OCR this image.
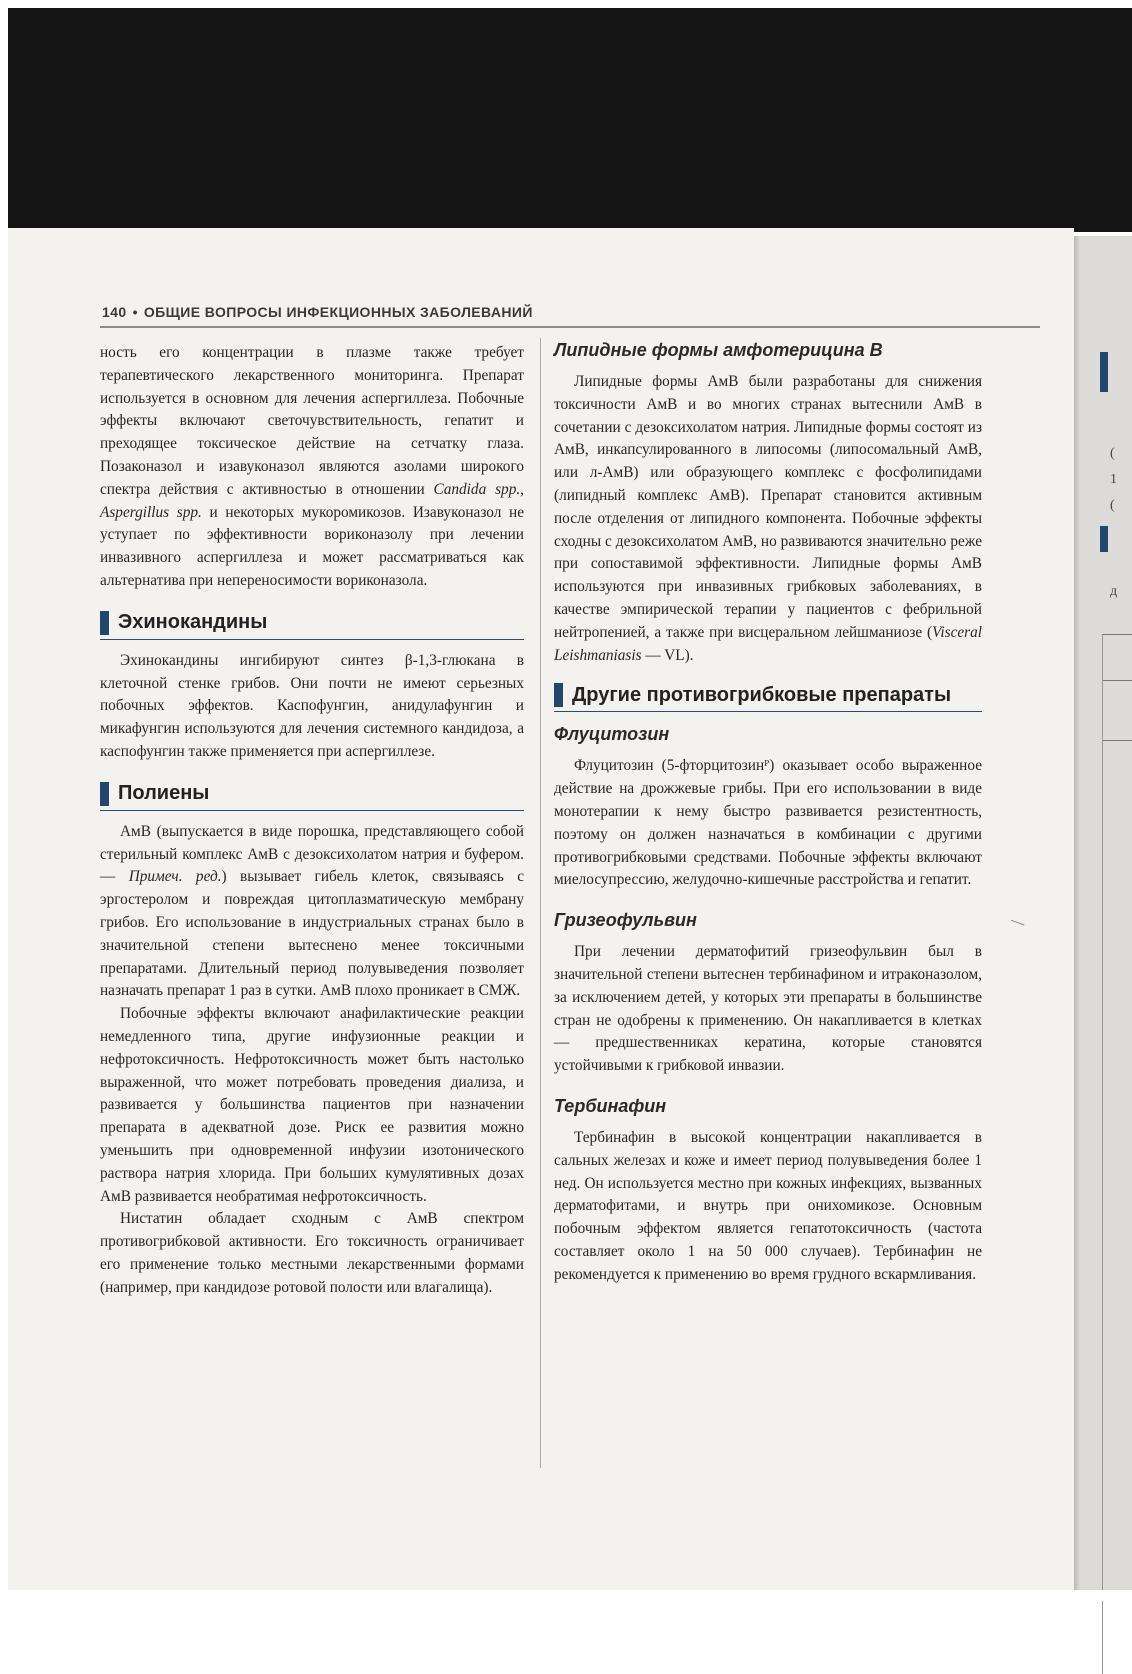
(
1
(
д
140 • ОБЩИЕ ВОПРОСЫ ИНФЕКЦИОННЫХ ЗАБОЛЕВАНИЙ

ность его концентрации в плазме также требует терапевтического лекарственного мониторинга. Препарат используется в основном для лечения аспергиллеза. Побочные эффекты включают светочувствительность, гепатит и преходящее токсическое действие на сетчатку глаза. Позаконазол и изавуконазол являются азолами широкого спектра действия с активностью в отношении Candida spp., Aspergillus spp. и некоторых мукоромикозов. Изавуконазол не уступает по эффективности вориконазолу при лечении инвазивного аспергиллеза и может рассматриваться как альтернатива при непереносимости вориконазола.

Эхинокандины

Эхинокандины ингибируют синтез β-1,3-глюкана в клеточной стенке грибов. Они почти не имеют серьезных побочных эффектов. Каспофунгин, анидулафунгин и микафунгин используются для лечения системного кандидоза, а каспофунгин также применяется при аспергиллезе.

Полиены

АмВ (выпускается в виде порошка, представляющего собой стерильный комплекс АмВ с дезоксихолатом натрия и буфером. — Примеч. ред.) вызывает гибель клеток, связываясь с эргостеролом и повреждая цитоплазматическую мембрану грибов. Его использование в индустриальных странах было в значительной степени вытеснено менее токсичными препаратами. Длительный период полувыведения позволяет назначать препарат 1 раз в сутки. АмВ плохо проникает в СМЖ.

Побочные эффекты включают анафилактические реакции немедленного типа, другие инфузионные реакции и нефротоксичность. Нефротоксичность может быть настолько выраженной, что может потребовать проведения диализа, и развивается у большинства пациентов при назначении препарата в адекватной дозе. Риск ее развития можно уменьшить при одновременной инфузии изотонического раствора натрия хлорида. При больших кумулятивных дозах АмВ развивается необратимая нефротоксичность.

Нистатин обладает сходным с АмВ спектром противогрибковой активности. Его токсичность ограничивает его применение только местными лекарственными формами (например, при кандидозе ротовой полости или влагалища).

Липидные формы амфотерицина В

Липидные формы АмВ были разработаны для снижения токсичности АмВ и во многих странах вытеснили АмВ в сочетании с дезоксихолатом натрия. Липидные формы состоят из АмВ, инкапсулированного в липосомы (липосомальный АмВ, или л-АмВ) или образующего комплекс с фосфолипидами (липидный комплекс АмВ). Препарат становится активным после отделения от липидного компонента. Побочные эффекты сходны с дезоксихолатом АмВ, но развиваются значительно реже при сопоставимой эффективности. Липидные формы АмВ используются при инвазивных грибковых заболеваниях, в качестве эмпирической терапии у пациентов с фебрильной нейтропенией, а также при висцеральном лейшманиозе (Visceral Leishmaniasis — VL).

Другие противогрибковые препараты

Флуцитозин

Флуцитозин (5-фторцитозинᴾ) оказывает особо выраженное действие на дрожжевые грибы. При его использовании в виде монотерапии к нему быстро развивается резистентность, поэтому он должен назначаться в комбинации с другими противогрибковыми средствами. Побочные эффекты включают миелосупрессию, желудочно-кишечные расстройства и гепатит.

Гризеофульвин

При лечении дерматофитий гризеофульвин был в значительной степени вытеснен тербинафином и итраконазолом, за исключением детей, у которых эти препараты в большинстве стран не одобрены к применению. Он накапливается в клетках — предшественниках кератина, которые становятся устойчивыми к грибковой инвазии.

Тербинафин

Тербинафин в высокой концентрации накапливается в сальных железах и коже и имеет период полувыведения более 1 нед. Он используется местно при кожных инфекциях, вызванных дерматофитами, и внутрь при онихомикозе. Основным побочным эффектом является гепатотоксичность (частота составляет около 1 на 50 000 случаев). Тербинафин не рекомендуется к применению во время грудного вскармливания.
